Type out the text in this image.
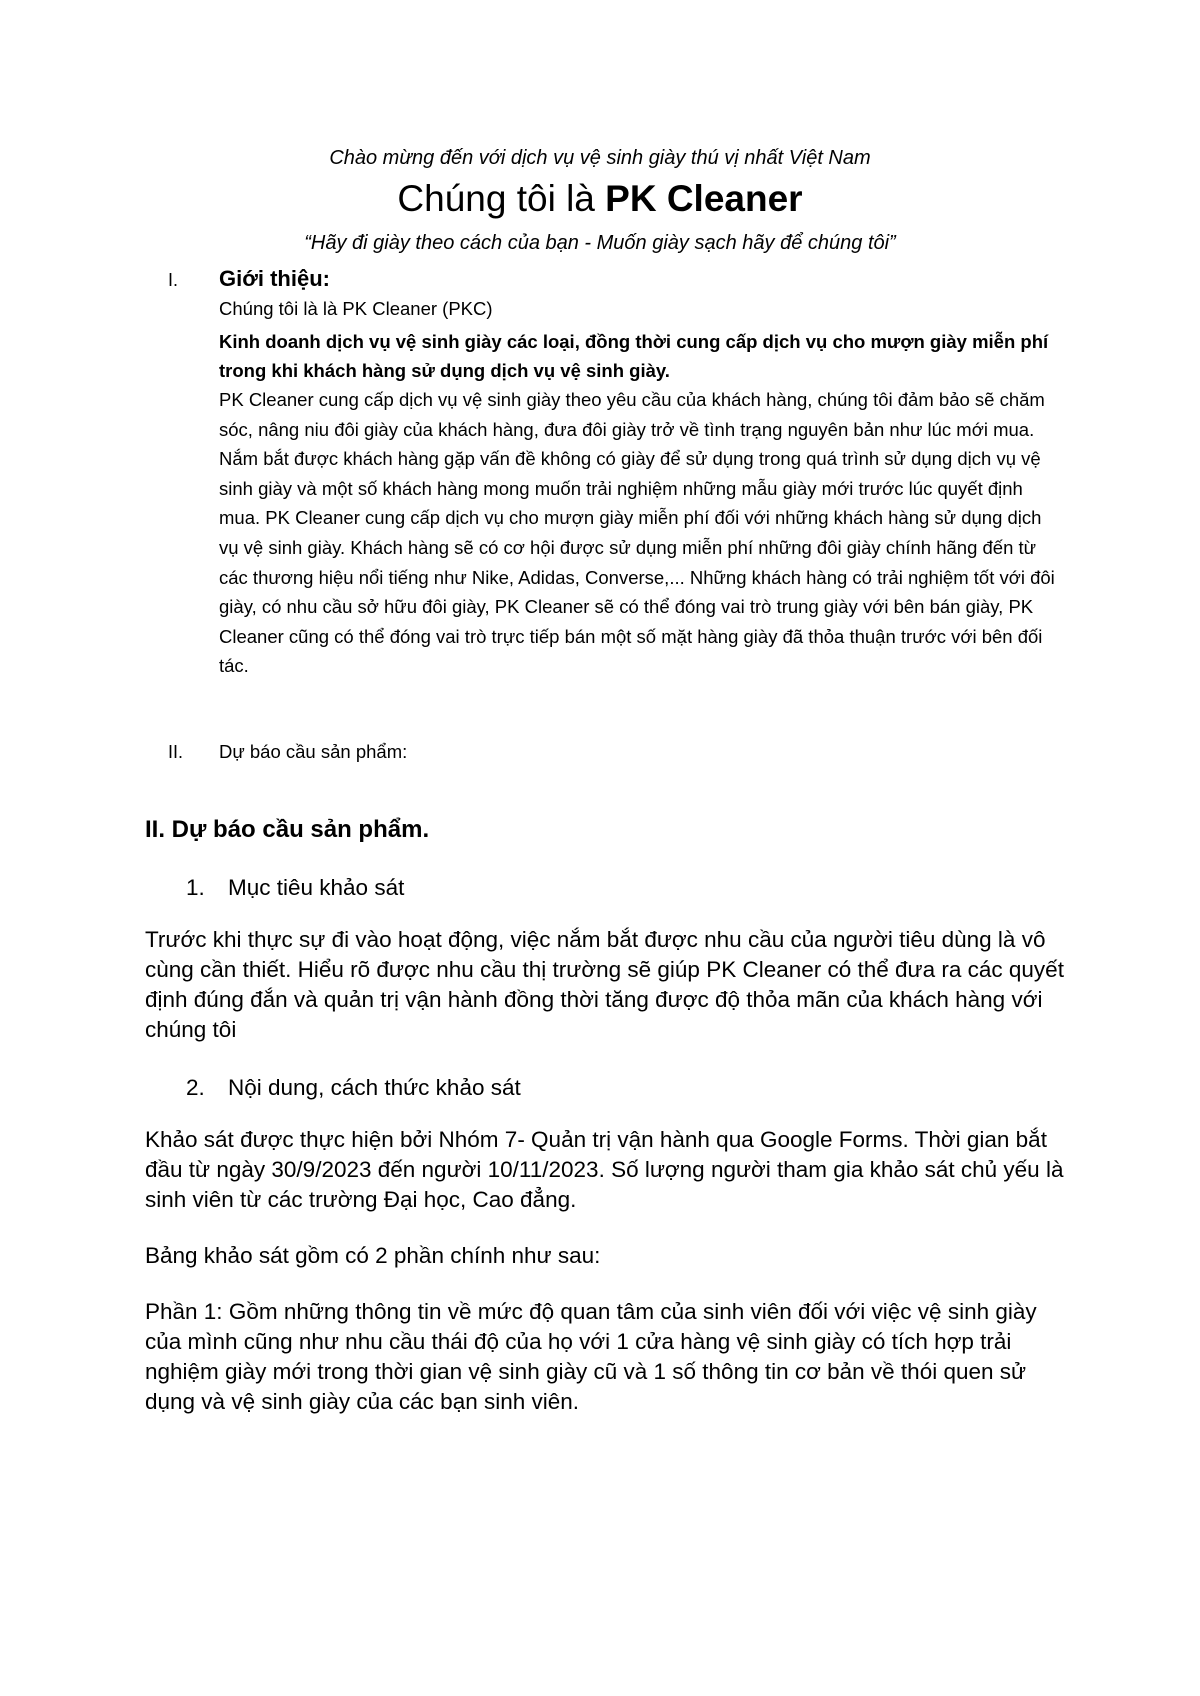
Chào mừng đến với dịch vụ vệ sinh giày thú vị nhất Việt Nam
Chúng tôi là PK Cleaner
“Hãy đi giày theo cách của bạn - Muốn giày sạch hãy để chúng tôi”
I. Giới thiệu:
Chúng tôi là là PK Cleaner (PKC)
Kinh doanh dịch vụ vệ sinh giày các loại, đồng thời cung cấp dịch vụ cho mượn giày miễn phí trong khi khách hàng sử dụng dịch vụ vệ sinh giày.
PK Cleaner cung cấp dịch vụ vệ sinh giày theo yêu cầu của khách hàng, chúng tôi đảm bảo sẽ chăm sóc, nâng niu đôi giày của khách hàng, đưa đôi giày trở về tình trạng nguyên bản như lúc mới mua. Nắm bắt được khách hàng gặp vấn đề không có giày để sử dụng trong quá trình sử dụng dịch vụ vệ sinh giày và một số khách hàng mong muốn trải nghiệm những mẫu giày mới trước lúc quyết định mua. PK Cleaner cung cấp dịch vụ cho mượn giày miễn phí đối với những khách hàng sử dụng dịch vụ vệ sinh giày. Khách hàng sẽ có cơ hội được sử dụng miễn phí những đôi giày chính hãng đến từ các thương hiệu nổi tiếng như Nike, Adidas, Converse,... Những khách hàng có trải nghiệm tốt với đôi giày, có nhu cầu sở hữu đôi giày, PK Cleaner sẽ có thể đóng vai trò trung giày với bên bán giày, PK Cleaner cũng có thể đóng vai trò trực tiếp bán một số mặt hàng giày đã thỏa thuận trước với bên đối tác.
II. Dự báo cầu sản phẩm:
II. Dự báo cầu sản phẩm.
1. Mục tiêu khảo sát
Trước khi thực sự đi vào hoạt động, việc nắm bắt được nhu cầu của người tiêu dùng là vô cùng cần thiết. Hiểu rõ được nhu cầu thị trường sẽ giúp PK Cleaner có thể đưa ra các quyết định đúng đắn và quản trị vận hành đồng thời tăng được độ thỏa mãn của khách hàng với chúng tôi
2. Nội dung, cách thức khảo sát
Khảo sát được thực hiện bởi Nhóm 7- Quản trị vận hành qua Google Forms. Thời gian bắt đầu từ ngày 30/9/2023 đến người 10/11/2023. Số lượng người tham gia khảo sát chủ yếu là sinh viên từ các trường Đại học, Cao đẳng.
Bảng khảo sát gồm có 2 phần chính như sau:
Phần 1: Gồm những thông tin về mức độ quan tâm của sinh viên đối với việc vệ sinh giày của mình cũng như nhu cầu thái độ của họ với 1 cửa hàng vệ sinh giày có tích hợp trải nghiệm giày mới trong thời gian vệ sinh giày cũ và 1 số thông tin cơ bản về thói quen sử dụng và vệ sinh giày của các bạn sinh viên.
